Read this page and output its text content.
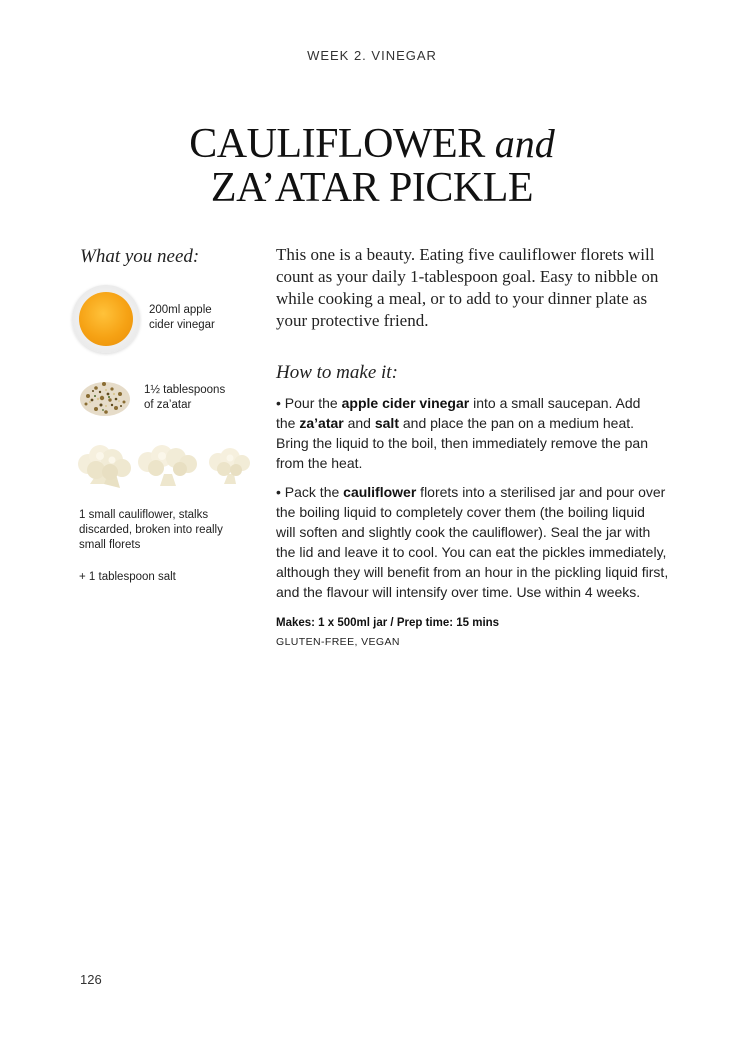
WEEK 2. VINEGAR
CAULIFLOWER and
ZA’ATAR PICKLE
What you need:
200ml apple
cider vinegar
1½ tablespoons
of za’atar
1 small cauliflower, stalks
discarded, broken into really
small florets
+ 1 tablespoon salt
This one is a beauty. Eating five cauliflower florets will
count as your daily 1-tablespoon goal. Easy to nibble on
while cooking a meal, or to add to your dinner plate as
your protective friend.
How to make it:
• Pour the apple cider vinegar into a small saucepan. Add
the za’atar and salt and place the pan on a medium heat.
Bring the liquid to the boil, then immediately remove the pan
from the heat.
• Pack the cauliflower florets into a sterilised jar and pour over
the boiling liquid to completely cover them (the boiling liquid
will soften and slightly cook the cauliflower). Seal the jar with
the lid and leave it to cool. You can eat the pickles immediately,
although they will benefit from an hour in the pickling liquid first,
and the flavour will intensify over time. Use within 4 weeks.
Makes: 1 x 500ml jar / Prep time: 15 mins
GLUTEN-FREE, VEGAN
126
